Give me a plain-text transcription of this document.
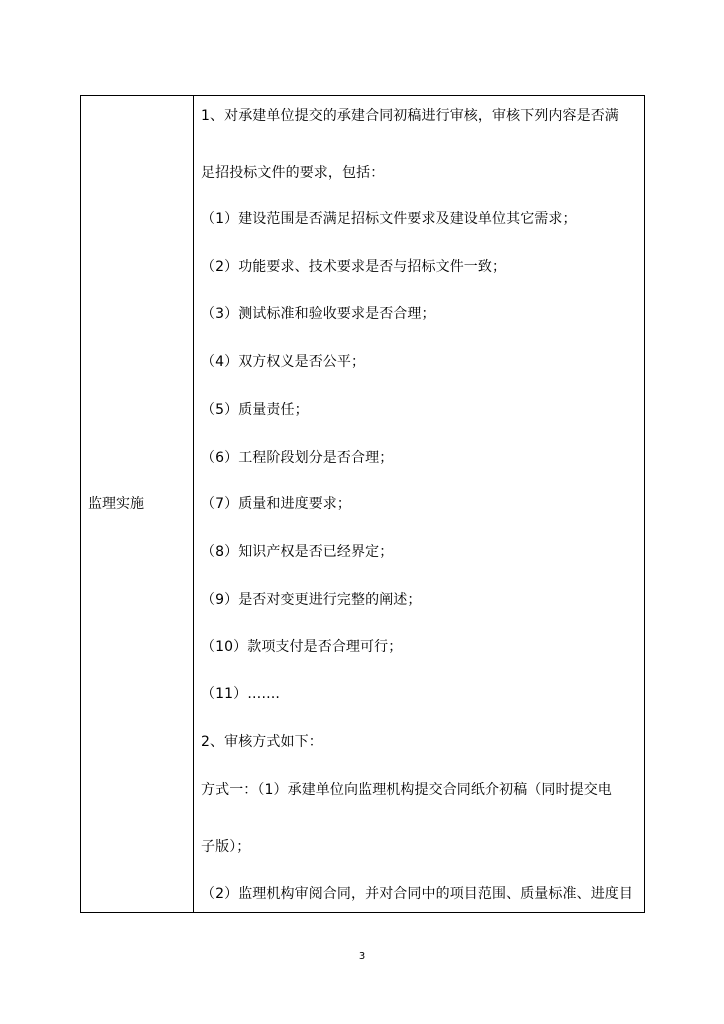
监理实施
1、对承建单位提交的承建合同初稿进行审核，审核下列内容是否满
足招投标文件的要求，包括：
（1）建设范围是否满足招标文件要求及建设单位其它需求；
（2）功能要求、技术要求是否与招标文件一致；
（3）测试标准和验收要求是否合理；
（4）双方权义是否公平；
（5）质量责任；
（6）工程阶段划分是否合理；
（7）质量和进度要求；
（8）知识产权是否已经界定；
（9）是否对变更进行完整的阐述；
（10）款项支付是否合理可行；
（11）…….
2、审核方式如下：
方式一：（1）承建单位向监理机构提交合同纸介初稿（同时提交电
子版）；
（2）监理机构审阅合同，并对合同中的项目范围、质量标准、进度目
3
